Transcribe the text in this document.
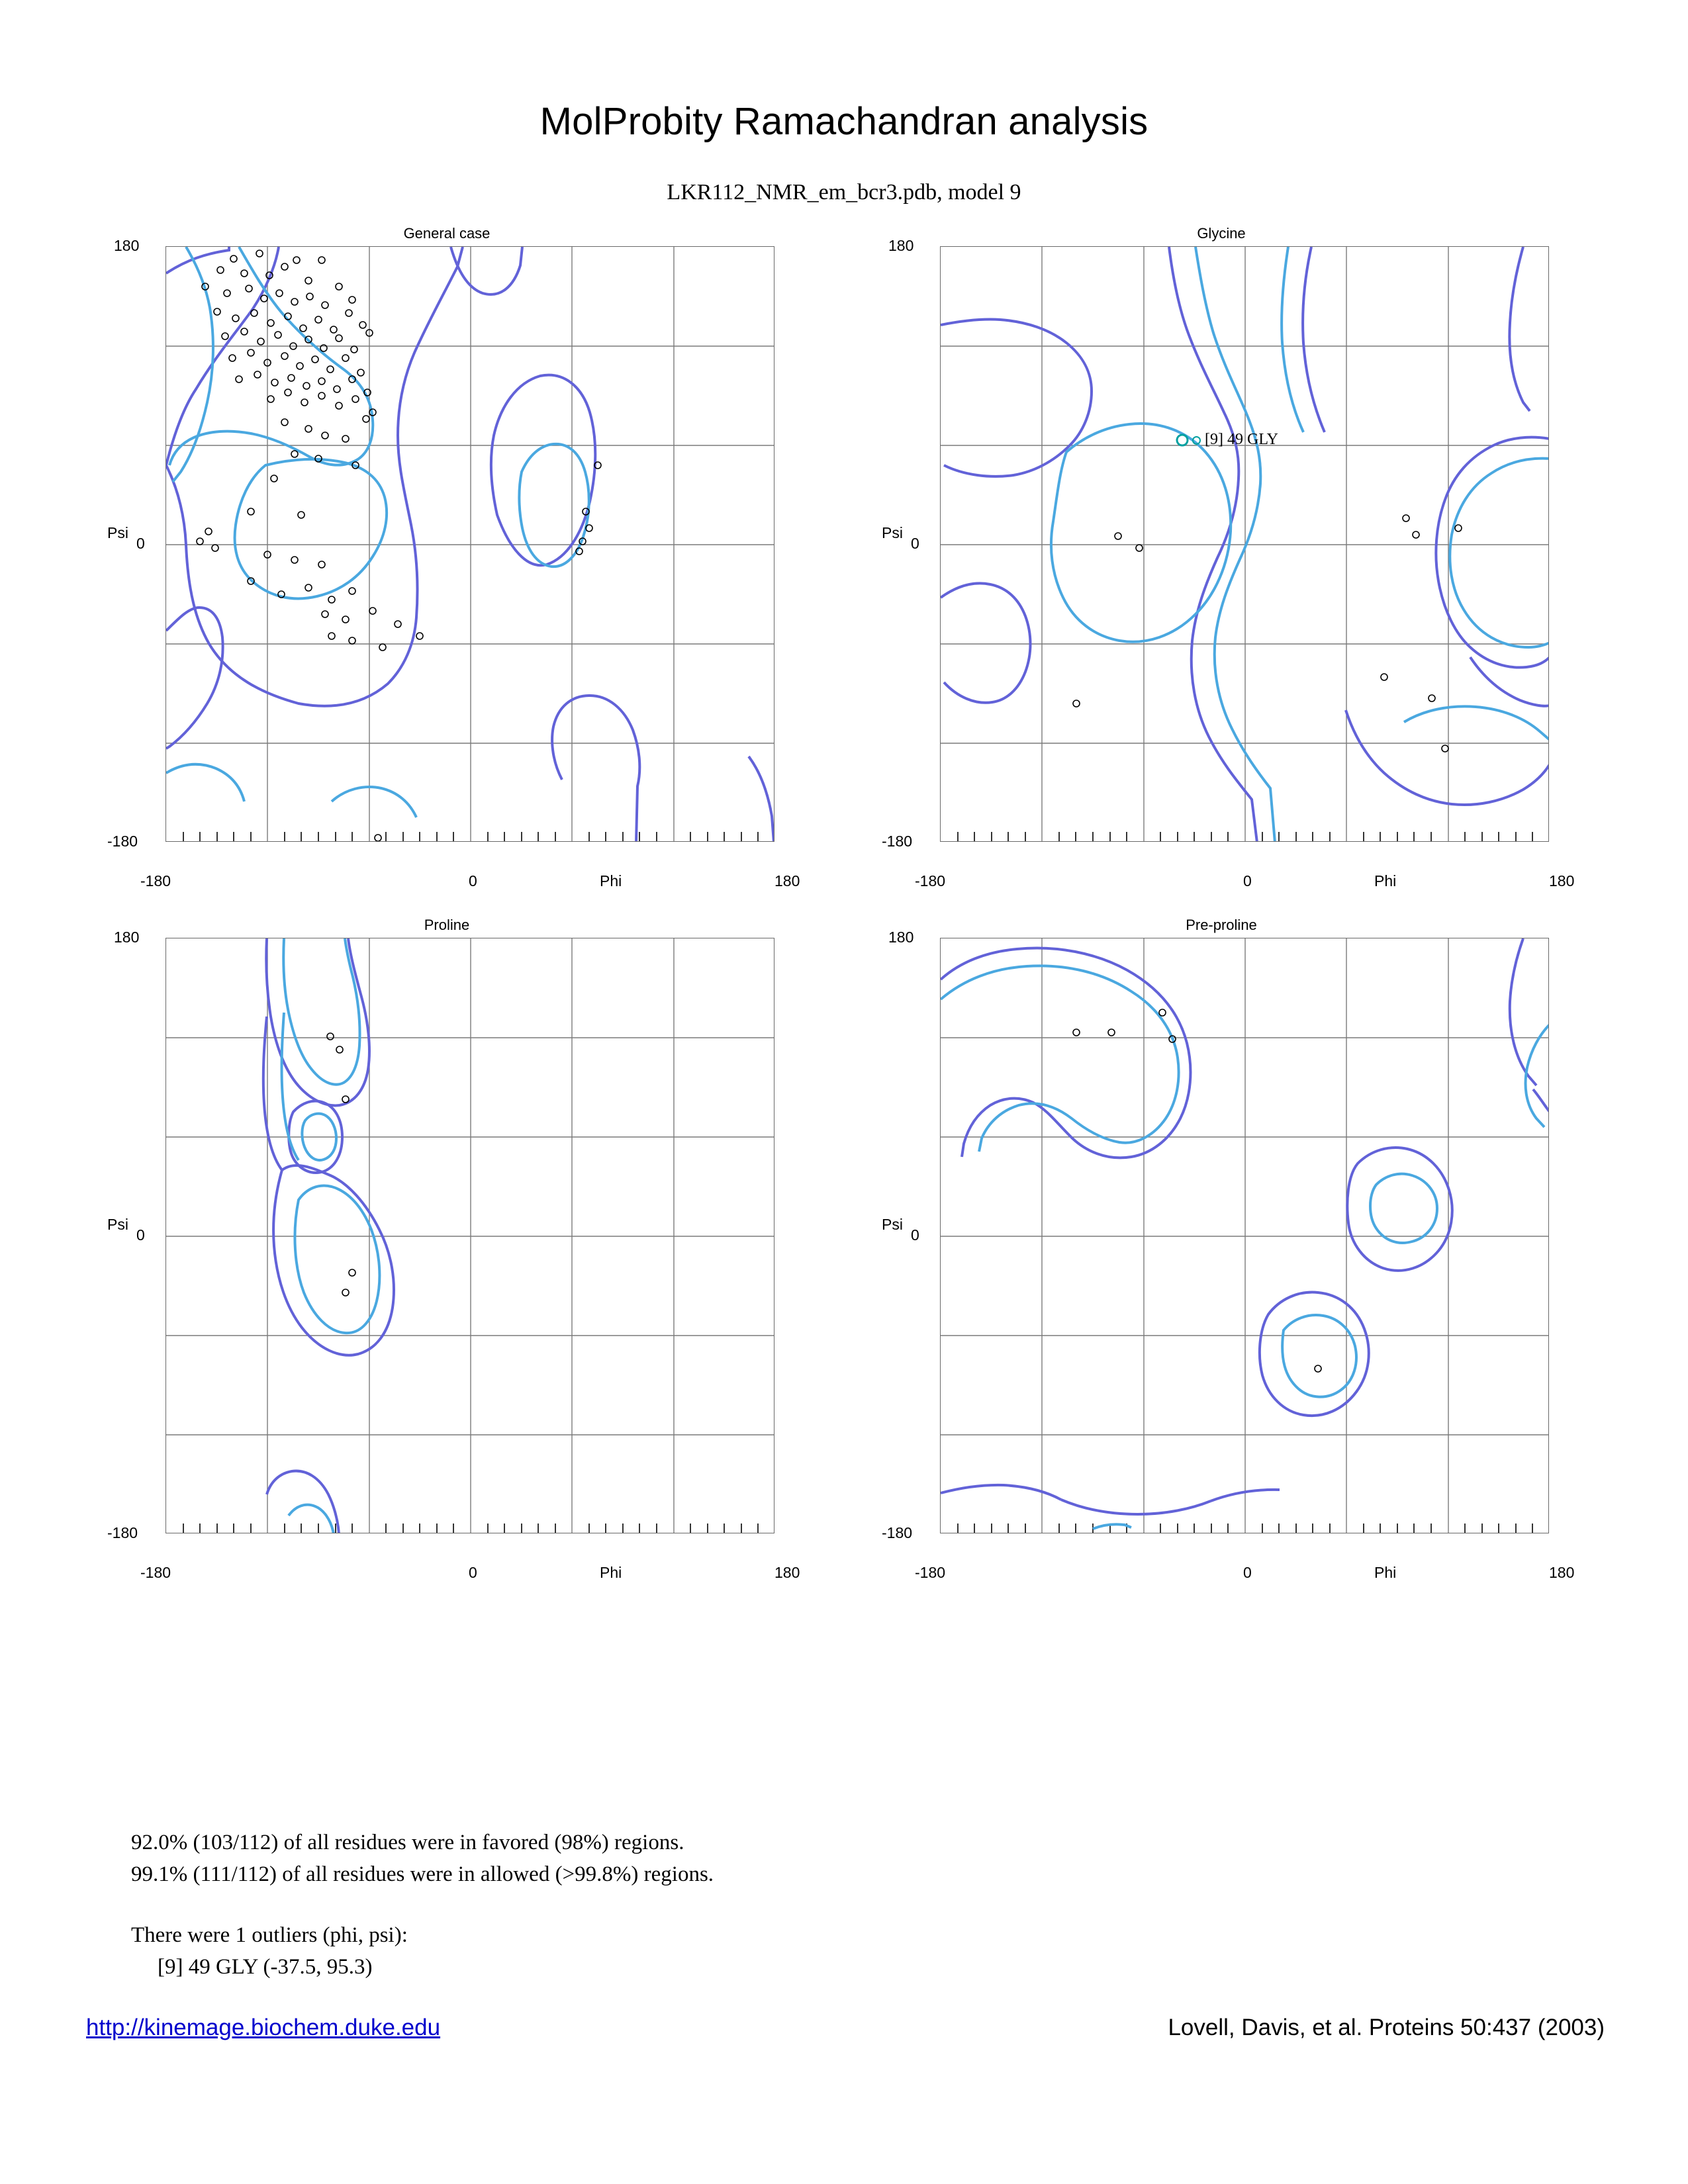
MolProbity Ramachandran analysis
LKR112_NMR_em_bcr3.pdb, model 9
General case
180
0
-180
Psi
-180	0	180
Phi
Glycine
180
0
-180
Psi
-180	0	180
Phi
[9] 49 GLY
Proline
180
0
-180
Psi
-180	0	180
Phi
Pre-proline
180
0
-180
Psi
-180	0	180
Phi
92.0% (103/112) of all residues were in favored (98%) regions.
99.1% (111/112) of all residues were in allowed (>99.8%) regions.
There were 1 outliers (phi, psi):
[9] 49 GLY (-37.5, 95.3)
http://kinemage.biochem.duke.edu	Lovell, Davis, et al. Proteins 50:437 (2003)
